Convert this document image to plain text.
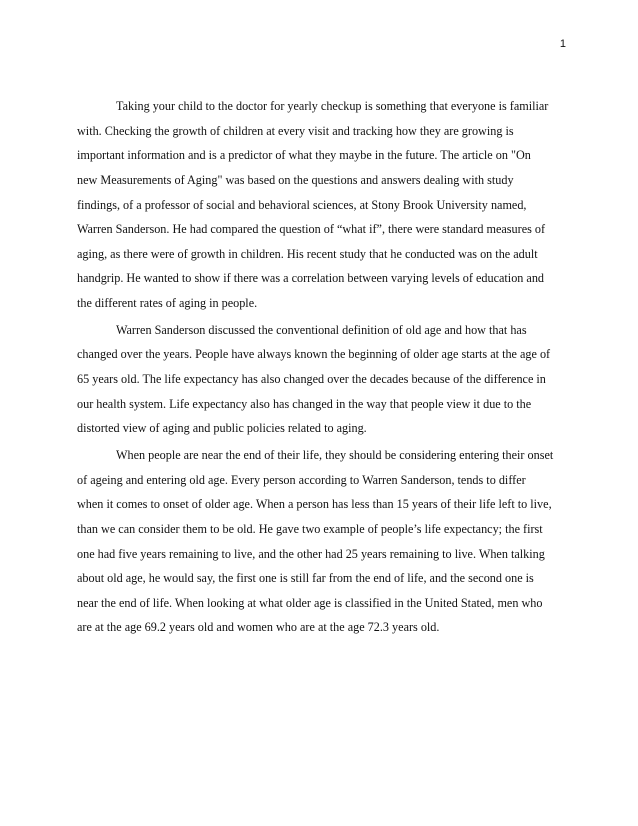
1
Taking your child to the doctor for yearly checkup is something that everyone is familiar
with. Checking the growth of children at every visit and tracking how they are growing is
important information and is a predictor of what they maybe in the future. The article on "On
new Measurements of Aging" was based on the questions and answers dealing with study
findings, of a professor of social and behavioral sciences, at Stony Brook University named,
Warren Sanderson. He had compared the question of “what if”, there were standard measures of
aging, as there were of growth in children. His recent study that he conducted was on the adult
handgrip. He wanted to show if there was a correlation between varying levels of education and
the different rates of aging in people.
Warren Sanderson discussed the conventional definition of old age and how that has
changed over the years. People have always known the beginning of older age starts at the age of
65 years old. The life expectancy has also changed over the decades because of the difference in
our health system. Life expectancy also has changed in the way that people view it due to the
distorted view of aging and public policies related to aging.
When people are near the end of their life, they should be considering entering their onset
of ageing and entering old age. Every person according to Warren Sanderson, tends to differ
when it comes to onset of older age. When a person has less than 15 years of their life left to live,
than we can consider them to be old. He gave two example of people’s life expectancy; the first
one had five years remaining to live, and the other had 25 years remaining to live. When talking
about old age, he would say, the first one is still far from the end of life, and the second one is
near the end of life. When looking at what older age is classified in the United Stated, men who
are at the age 69.2 years old and women who are at the age 72.3 years old.
